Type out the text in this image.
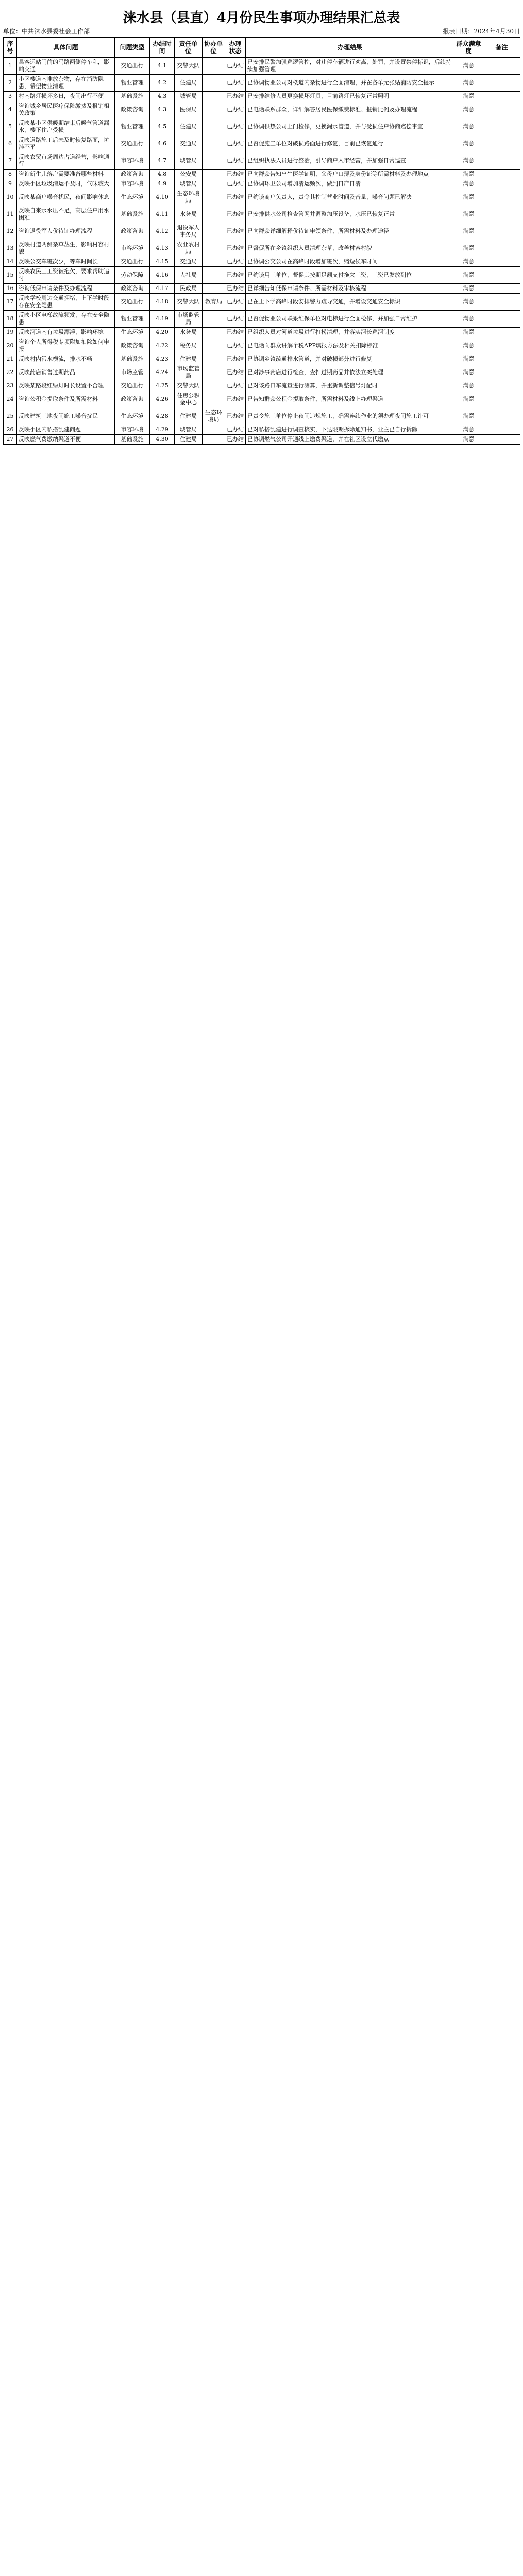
涞水县（县直）4月份民生事项办理结果汇总表
单位：中共涞水县委社会工作部	报表日期：2024年4月30日
序号	具体问题	问题类型	办结时间	责任单位	协办单位	办理状态	办理结果	群众满意度	备注
1	县客运站门前的马路两侧停车乱，影响交通	交通出行	4.1	交警大队		已办结	已安排民警加强巡逻管控，对违停车辆进行劝离、处罚，并设置禁停标识，后续持续加强管理	满意	
2	小区楼道内堆放杂物，存在消防隐患，希望物业清理	物业管理	4.2	住建局		已办结	已协调物业公司对楼道内杂物进行全面清理，并在各单元张贴消防安全提示	满意	
3	村内路灯损坏多日，夜间出行不便	基础设施	4.3	城管局		已办结	已安排维修人员更换损坏灯具，目前路灯已恢复正常照明	满意	
4	咨询城乡居民医疗保险缴费及报销相关政策	政策咨询	4.3	医保局		已办结	已电话联系群众，详细解答居民医保缴费标准、报销比例及办理流程	满意	
5	反映某小区供暖期结束后暖气管道漏水，楼下住户受损	物业管理	4.5	住建局		已办结	已协调供热公司上门检修，更换漏水管道，并与受损住户协商赔偿事宜	满意	
6	反映道路施工后未及时恢复路面，坑洼不平	交通出行	4.6	交通局		已办结	已督促施工单位对破损路面进行修复，目前已恢复通行	满意	
7	反映农贸市场周边占道经营，影响通行	市容环境	4.7	城管局		已办结	已组织执法人员进行整治，引导商户入市经营，并加强日常巡查	满意	
8	咨询新生儿落户需要准备哪些材料	政策咨询	4.8	公安局		已办结	已向群众告知出生医学证明、父母户口簿及身份证等所需材料及办理地点	满意	
9	反映小区垃圾清运不及时，气味较大	市容环境	4.9	城管局		已办结	已协调环卫公司增加清运频次，做到日产日清	满意	
10	反映某商户噪音扰民，夜间影响休息	生态环境	4.10	生态环境局		已办结	已约谈商户负责人，责令其控制营业时间及音量，噪音问题已解决	满意	
11	反映自来水水压不足，高层住户用水困难	基础设施	4.11	水务局		已办结	已安排供水公司检查管网并调整加压设备，水压已恢复正常	满意	
12	咨询退役军人优待证办理流程	政策咨询	4.12	退役军人事务局		已办结	已向群众详细解释优待证申领条件、所需材料及办理途径	满意	
13	反映村道两侧杂草丛生，影响村容村貌	市容环境	4.13	农业农村局		已办结	已督促所在乡镇组织人员清理杂草，改善村容村貌	满意	
14	反映公交车班次少，等车时间长	交通出行	4.15	交通局		已办结	已协调公交公司在高峰时段增加班次，缩短候车时间	满意	
15	反映农民工工资被拖欠，要求帮助追讨	劳动保障	4.16	人社局		已办结	已约谈用工单位，督促其按期足额支付拖欠工资，工资已发放到位	满意	
16	咨询低保申请条件及办理流程	政策咨询	4.17	民政局		已办结	已详细告知低保申请条件、所需材料及审核流程	满意	
17	反映学校周边交通拥堵，上下学时段存在安全隐患	交通出行	4.18	交警大队	教育局	已办结	已在上下学高峰时段安排警力疏导交通，并增设交通安全标识	满意	
18	反映小区电梯故障频发，存在安全隐患	物业管理	4.19	市场监管局		已办结	已督促物业公司联系维保单位对电梯进行全面检修，并加强日常维护	满意	
19	反映河道内有垃圾漂浮，影响环境	生态环境	4.20	水务局		已办结	已组织人员对河道垃圾进行打捞清理，并落实河长巡河制度	满意	
20	咨询个人所得税专项附加扣除如何申报	政策咨询	4.22	税务局		已办结	已电话向群众讲解个税APP填报方法及相关扣除标准	满意	
21	反映村内污水横流，排水不畅	基础设施	4.23	住建局		已办结	已协调乡镇疏通排水管道，并对破损部分进行修复	满意	
22	反映药店销售过期药品	市场监管	4.24	市场监管局		已办结	已对涉事药店进行检查，查扣过期药品并依法立案处理	满意	
23	反映某路段红绿灯时长设置不合理	交通出行	4.25	交警大队		已办结	已对该路口车流量进行测算，并重新调整信号灯配时	满意	
24	咨询公积金提取条件及所需材料	政策咨询	4.26	住房公积金中心		已办结	已告知群众公积金提取条件、所需材料及线上办理渠道	满意	
25	反映建筑工地夜间施工噪音扰民	生态环境	4.28	住建局	生态环境局	已办结	已责令施工单位停止夜间违规施工，确需连续作业的须办理夜间施工许可	满意	
26	反映小区内私搭乱建问题	市容环境	4.29	城管局		已办结	已对私搭乱建进行调查核实，下达限期拆除通知书，业主已自行拆除	满意	
27	反映燃气费缴纳渠道不便	基础设施	4.30	住建局		已办结	已协调燃气公司开通线上缴费渠道，并在社区设立代缴点	满意	
